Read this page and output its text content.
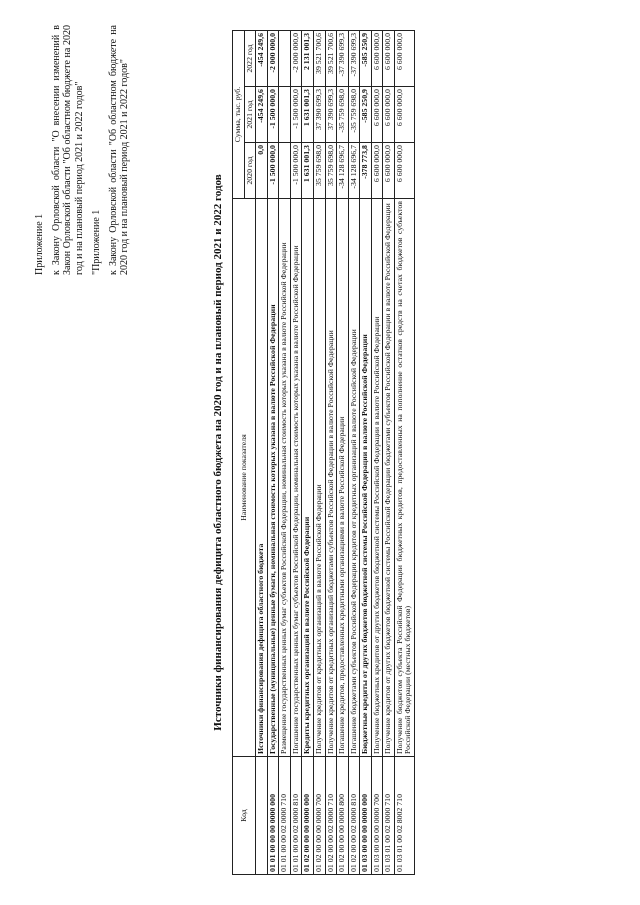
Приложение 1 к Закону Орловской области "О внесении изменений в Закон Орловской области "Об областном бюджете на 2020 год и на плановый период 2021 и 2022 годов" "Приложение 1 к Закону Орловской области "Об областном бюджете на 2020 год и на плановый период 2021 и 2022 годов"

Источники финансирования дефицита областного бюджета на 2020 год и на плановый период 2021 и 2022 годов
Код	Наименование показателя	Сумма, тыс. руб.		
		2020 год	2021 год	2022 год
	Источники финансирования дефицита областного бюджета	0,0	-454 249,6	-454 249,6
01 01 00 00 00 0000 000	Государственные (муниципальные) ценные бумаги, номинальная стоимость которых указана в валюте Российской Федерации	-1 500 000,0	-1 500 000,0	-2 000 000,0
01 01 00 00 02 0000 710	Размещение государственных ценных бумаг субъектов Российской Федерации, номинальная стоимость которых указана в валюте Российской Федерации			
01 01 00 00 02 0000 810	Погашение государственных ценных бумаг субъектов Российской Федерации, номинальная стоимость которых указана в валюте Российской Федерации	-1 500 000,0	-1 500 000,0	-2 000 000,0
01 02 00 00 00 0000 000	Кредиты кредитных организаций в валюте Российской Федерации	1 631 001,3	1 631 001,3	2 131 001,3
01 02 00 00 00 0000 700	Получение кредитов от кредитных организаций в валюте Российской Федерации	35 759 698,0	37 390 699,3	39 521 700,6
01 02 00 00 02 0000 710	Получение кредитов от кредитных организаций бюджетами субъектов Российской Федерации в валюте Российской Федерации	35 759 698,0	37 390 699,3	39 521 700,6
01 02 00 00 00 0000 800	Погашение кредитов, предоставленных кредитными организациями в валюте Российской Федерации	-34 128 696,7	-35 759 698,0	-37 390 699,3
01 02 00 00 02 0000 810	Погашение бюджетами субъектов Российской Федерации кредитов от кредитных организаций в валюте Российской Федерации	-34 128 696,7	-35 759 698,0	-37 390 699,3
01 03 00 00 00 0000 000	Бюджетные кредиты от других бюджетов бюджетной системы Российской Федерации в валюте Российской Федерации	-378 773,8	-585 250,9	-585 250,9
01 03 00 00 00 0000 700	Получение бюджетных кредитов от других бюджетов бюджетной системы Российской Федерации в валюте Российской Федерации	6 600 000,0	6 600 000,0	6 600 000,0
01 03 01 00 02 0000 710	Получение кредитов от других бюджетов бюджетной системы Российской Федерации бюджетами субъектов Российской Федерации в валюте Российской Федерации	6 600 000,0	6 600 000,0	6 600 000,0
01 03 01 00 02 8002 710	Получение бюджетом субъекта Российской Федерации бюджетных кредитов, предоставленных на пополнение остатков средств на счетах бюджетов субъектов Российской Федерации (местных бюджетов)	6 600 000,0	6 600 000,0	6 600 000,0
